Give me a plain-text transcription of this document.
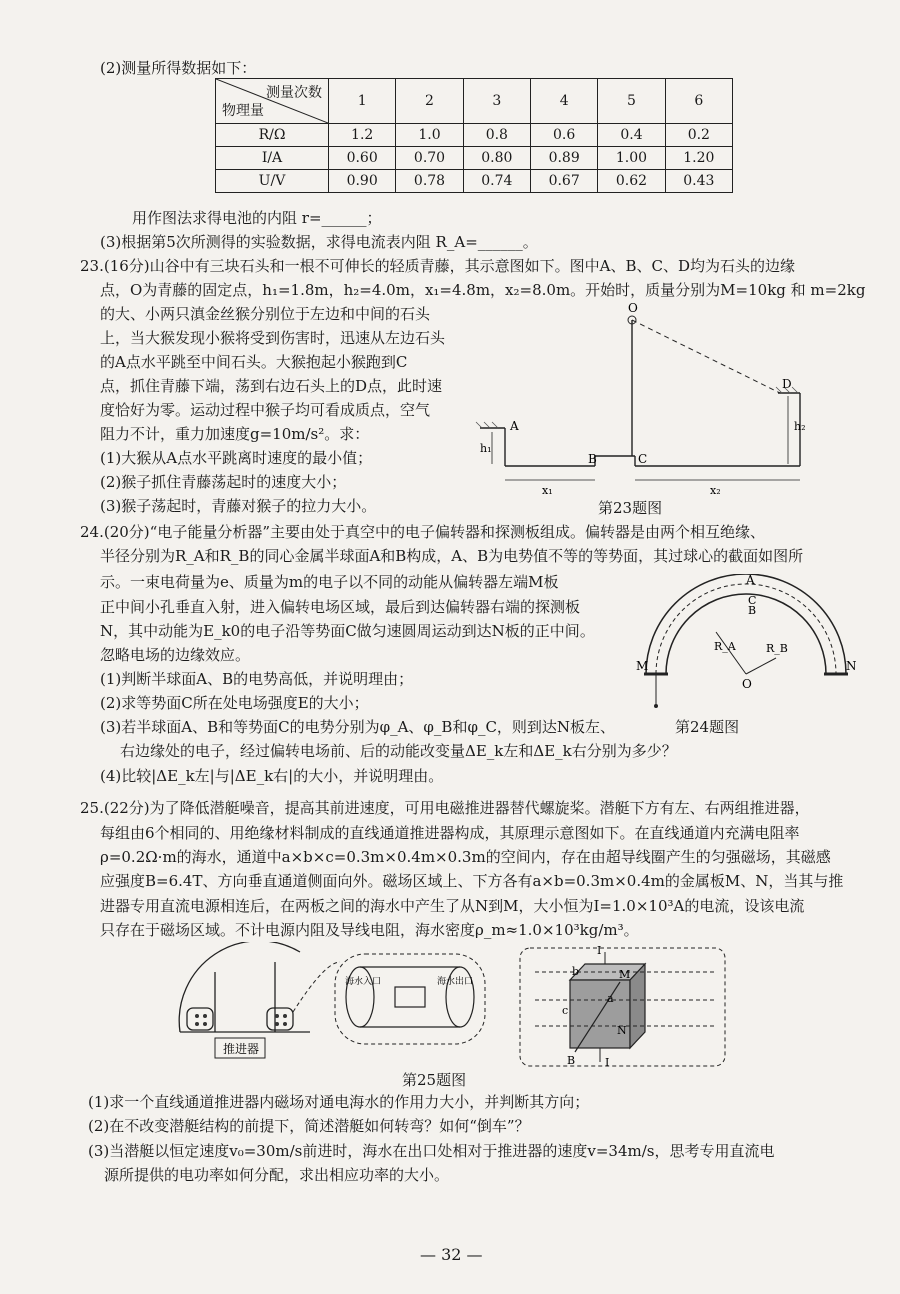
(2)测量所得数据如下：
测量次数
物理量	1	2	3	4	5	6
R/Ω	1.2	1.0	0.8	0.6	0.4	0.2
I/A	0.60	0.70	0.80	0.89	1.00	1.20
U/V	0.90	0.78	0.74	0.67	0.62	0.43
用作图法求得电池的内阻 r=______；
(3)根据第5次所测得的实验数据，求得电流表内阻 R_A=______。
23.(16分)山谷中有三块石头和一根不可伸长的轻质青藤，其示意图如下。图中A、B、C、D均为石头的边缘
点，O为青藤的固定点，h₁=1.8m，h₂=4.0m，x₁=4.8m，x₂=8.0m。开始时，质量分别为M=10kg 和 m=2kg
的大、小两只滇金丝猴分别位于左边和中间的石头
上，当大猴发现小猴将受到伤害时，迅速从左边石头
的A点水平跳至中间石头。大猴抱起小猴跑到C
点，抓住青藤下端，荡到右边石头上的D点，此时速
度恰好为零。运动过程中猴子均可看成质点，空气
阻力不计，重力加速度g=10m/s²。求：
(1)大猴从A点水平跳离时速度的最小值；
(2)猴子抓住青藤荡起时的速度大小；
(3)猴子荡起时，青藤对猴子的拉力大小。
A
h₁
B	C
O
D
h₂
x₁	x₂
第23题图
24.(20分)“电子能量分析器”主要由处于真空中的电子偏转器和探测板组成。偏转器是由两个相互绝缘、
半径分别为R_A和R_B的同心金属半球面A和B构成，A、B为电势值不等的等势面，其过球心的截面如图所
示。一束电荷量为e、质量为m的电子以不同的动能从偏转器左端M板
正中间小孔垂直入射，进入偏转电场区域，最后到达偏转器右端的探测板
N，其中动能为E_k0的电子沿等势面C做匀速圆周运动到达N板的正中间。
忽略电场的边缘效应。
(1)判断半球面A、B的电势高低，并说明理由；
(2)求等势面C所在处电场强度E的大小；
(3)若半球面A、B和等势面C的电势分别为φ_A、φ_B和φ_C，则到达N板左、
右边缘处的电子，经过偏转电场前、后的动能改变量ΔE_k左和ΔE_k右分别为多少？
(4)比较|ΔE_k左|与|ΔE_k右|的大小，并说明理由。
A
C
B
R_A	R_B
O
M	N
第24题图
25.(22分)为了降低潜艇噪音，提高其前进速度，可用电磁推进器替代螺旋桨。潜艇下方有左、右两组推进器，
每组由6个相同的、用绝缘材料制成的直线通道推进器构成，其原理示意图如下。在直线通道内充满电阻率
ρ=0.2Ω·m的海水，通道中a×b×c=0.3m×0.4m×0.3m的空间内，存在由超导线圈产生的匀强磁场，其磁感
应强度B=6.4T、方向垂直通道侧面向外。磁场区域上、下方各有a×b=0.3m×0.4m的金属板M、N，当其与推
进器专用直流电源相连后，在两板之间的海水中产生了从N到M，大小恒为I=1.0×10³A的电流，设该电流
只存在于磁场区域。不计电源内阻及导线电阻，海水密度ρ_m≈1.0×10³kg/m³。
推进器
海水入口	海水出口
I
I
M
N
a
b
c
B
第25题图
(1)求一个直线通道推进器内磁场对通电海水的作用力大小，并判断其方向；
(2)在不改变潜艇结构的前提下，简述潜艇如何转弯？如何“倒车”？
(3)当潜艇以恒定速度v₀=30m/s前进时，海水在出口处相对于推进器的速度v=34m/s，思考专用直流电
源所提供的电功率如何分配，求出相应功率的大小。
— 32 —
